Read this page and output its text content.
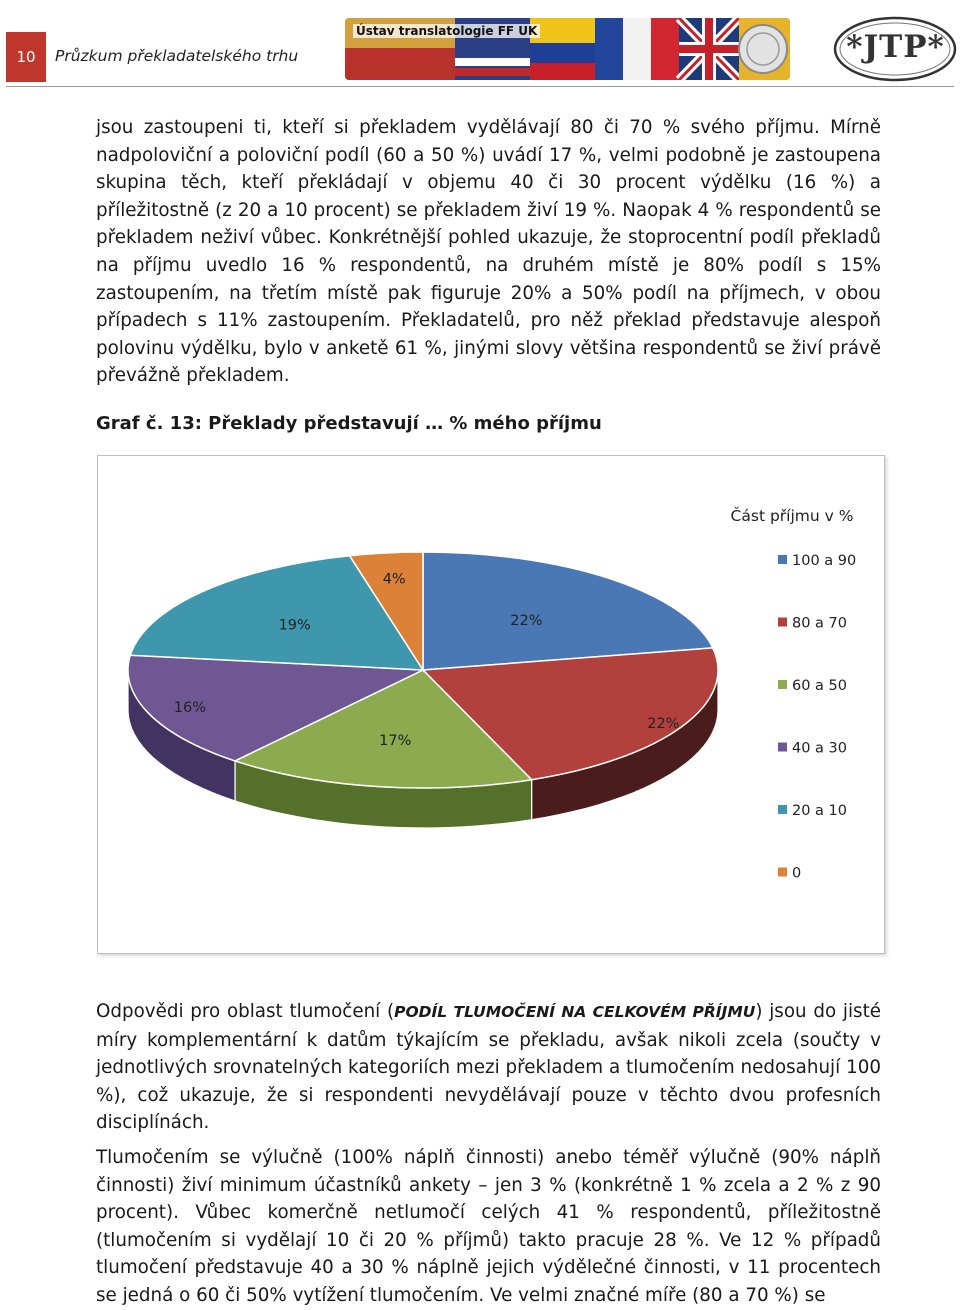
10	Průzkum překladatelského trhu
Ústav translatologie FF UK	*JTP*

jsou zastoupeni ti, kteří si překladem vydělávají 80 či 70 % svého příjmu. Mírně nadpoloviční a poloviční podíl (60 a 50 %) uvádí 17 %, velmi podobně je zastoupena skupina těch, kteří překládají v objemu 40 či 30 procent výdělku (16 %) a příležitostně (z 20 a 10 procent) se překladem živí 19 %. Naopak 4 % respondentů se překladem neživí vůbec. Konkrétnější pohled ukazuje, že stoprocentní podíl překladů na příjmu uvedlo 16 % respondentů, na druhém místě je 80% podíl s 15% zastoupením, na třetím místě pak figuruje 20% a 50% podíl na příjmech, v obou případech s 11% zastoupením. Překladatelů, pro něž překlad představuje alespoň polovinu výdělku, bylo v anketě 61 %, jinými slovy většina respondentů se živí právě převážně překladem.

Graf č. 13: Překlady představují … % mého příjmu

22%
22%
17%
16%
19%
4%
Část příjmu v %
100 a 90
80 a 70
60 a 50
40 a 30
20 a 10
0

Odpovědi pro oblast tlumočení (PODÍL TLUMOČENÍ NA CELKOVÉM PŘÍJMU) jsou do jisté míry komplementární k datům týkajícím se překladu, avšak nikoli zcela (součty v jednotlivých srovnatelných kategoriích mezi překladem a tlumočením nedosahují 100 %), což ukazuje, že si respondenti nevydělávají pouze v těchto dvou profesních disciplínách.

Tlumočením se výlučně (100% náplň činnosti) anebo téměř výlučně (90% náplň činnosti) živí minimum účastníků ankety – jen 3 % (konkrétně 1 % zcela a 2 % z 90 procent). Vůbec komerčně netlumočí celých 41 % respondentů, příležitostně (tlumočením si vydělají 10 či 20 % příjmů) takto pracuje 28 %. Ve 12 % případů tlumočení představuje 40 a 30 % náplně jejich výdělečné činnosti, v 11 procentech se jedná o 60 či 50% vytížení tlumočením. Ve velmi značné míře (80 a 70 %) se
